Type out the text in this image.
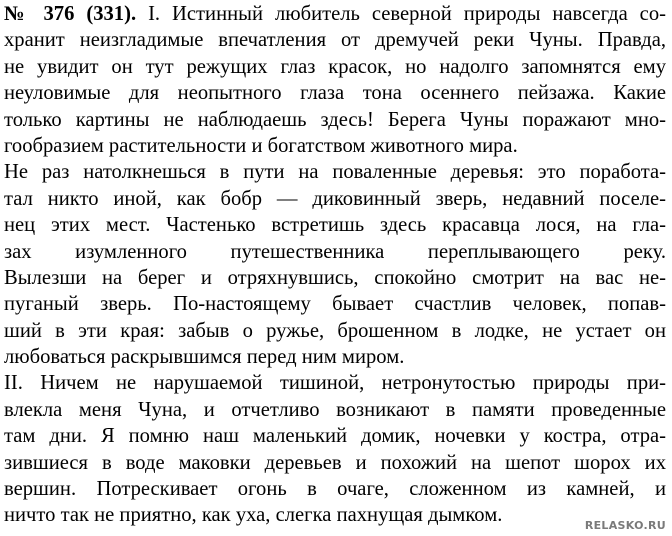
№ 376 (331). I. Истинный любитель северной природы навсегда со-
хранит неизгладимые впечатления от дремучей реки Чуны. Правда,
не увидит он тут режущих глаз красок, но надолго запомнятся ему
неуловимые для неопытного глаза тона осеннего пейзажа. Какие
только картины не наблюдаешь здесь! Берега Чуны поражают мно-
гообразием растительности и богатством животного мира.
Не раз натолкнешься в пути на поваленные деревья: это поработа-
тал никто иной, как бобр — диковинный зверь, недавний поселе-
нец этих мест. Частенько встретишь здесь красавца лося, на гла-
зах изумленного путешественника переплывающего реку.
Вылезши на берег и отряхнувшись, спокойно смотрит на вас не-
пуганый зверь. По-настоящему бывает счастлив человек, попав-
ший в эти края: забыв о ружье, брошенном в лодке, не устает он
любоваться раскрывшимся перед ним миром.
II. Ничем не нарушаемой тишиной, нетронутостью природы при-
влекла меня Чуна, и отчетливо возникают в памяти проведенные
там дни. Я помню наш маленький домик, ночевки у костра, отра-
зившиеся в воде маковки деревьев и похожий на шепот шорох их
вершин. Потрескивает огонь в очаге, сложенном из камней, и
ничто так не приятно, как уха, слегка пахнущая дымком.	RELASKO.RU
